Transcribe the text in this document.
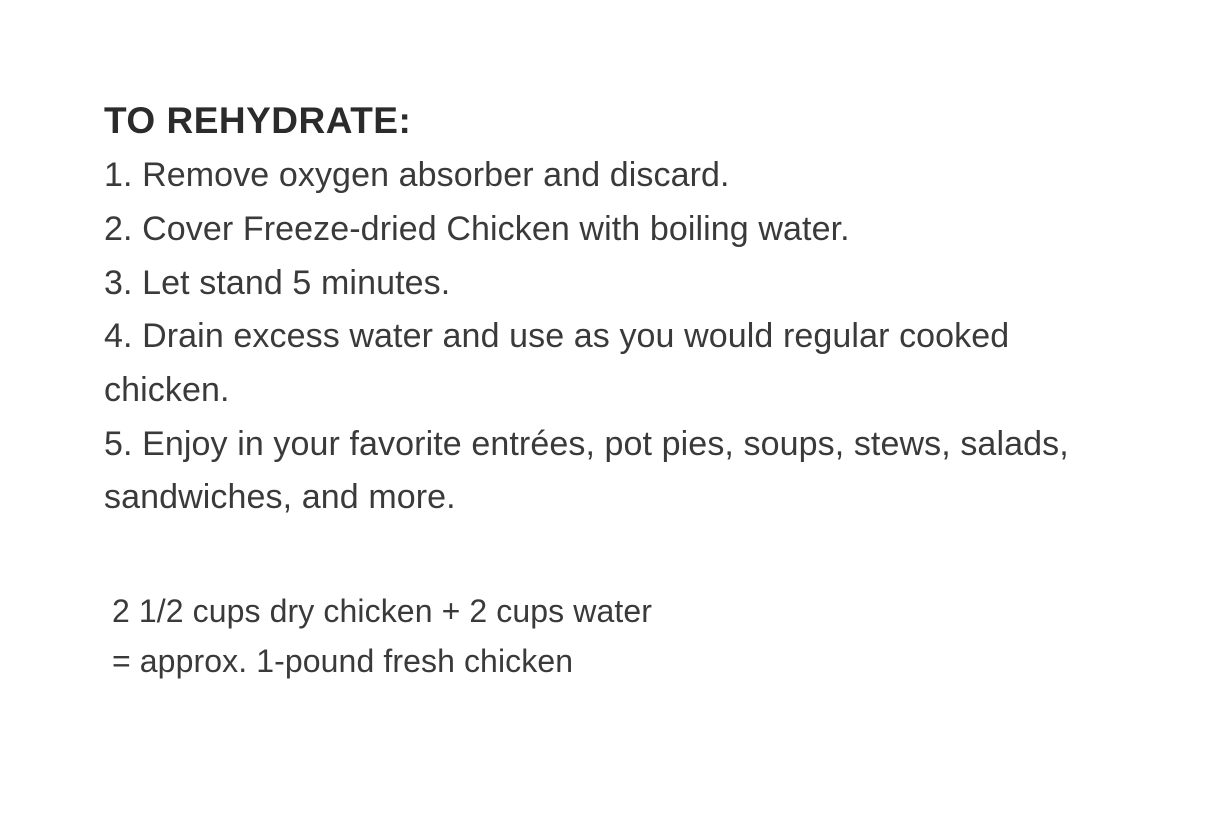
TO REHYDRATE:
1. Remove oxygen absorber and discard.
2. Cover Freeze-dried Chicken with boiling water.
3. Let stand 5 minutes.
4. Drain excess water and use as you would regular cooked chicken.
5. Enjoy in your favorite entrées, pot pies, soups, stews, salads, sandwiches, and more.
2 1/2 cups dry chicken + 2 cups water
= approx. 1-pound fresh chicken
